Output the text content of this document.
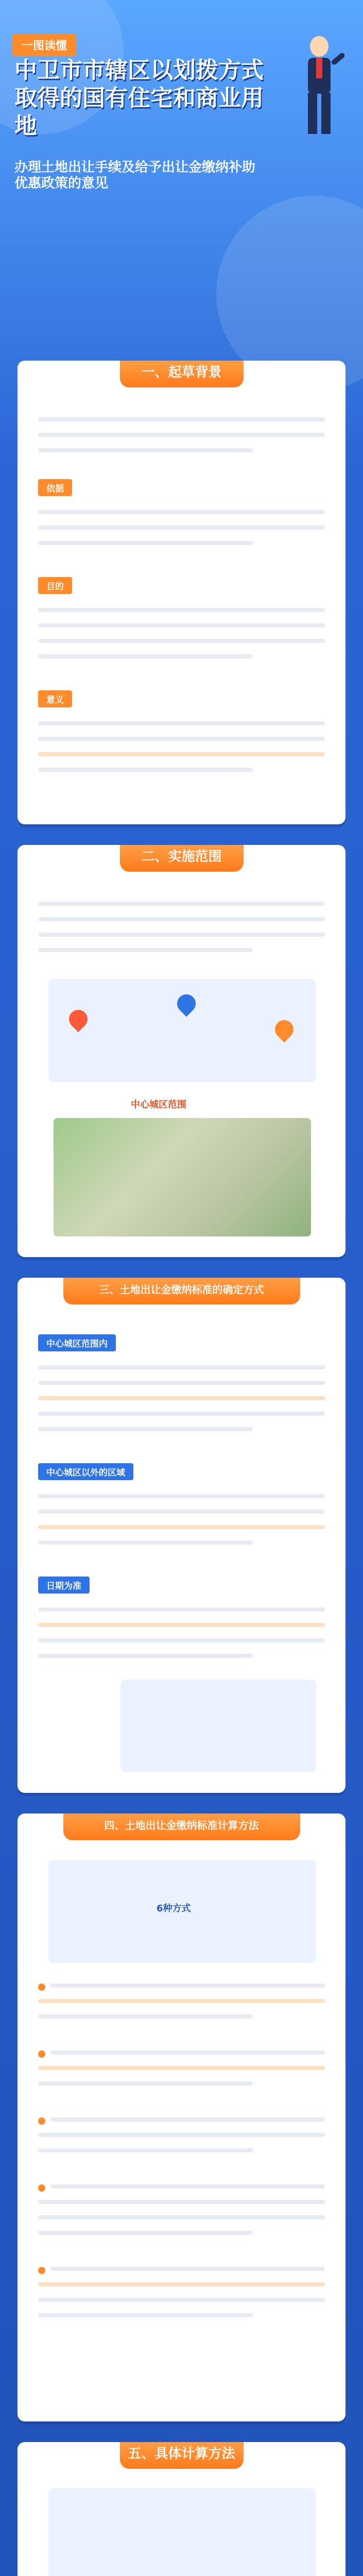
一图读懂
中卫市市辖区以划拨方式取得的国有住宅和商业用地
办理土地出让手续及给予出让金缴纳补助
优惠政策的意见
一、起草背景
依据
目的
意义
二、实施范围
中心城区范围
三、土地出让金缴纳标准的确定方式
中心城区范围内
中心城区以外的区域
日期为准
四、土地出让金缴纳标准计算方法
6种方式
五、具体计算方法
